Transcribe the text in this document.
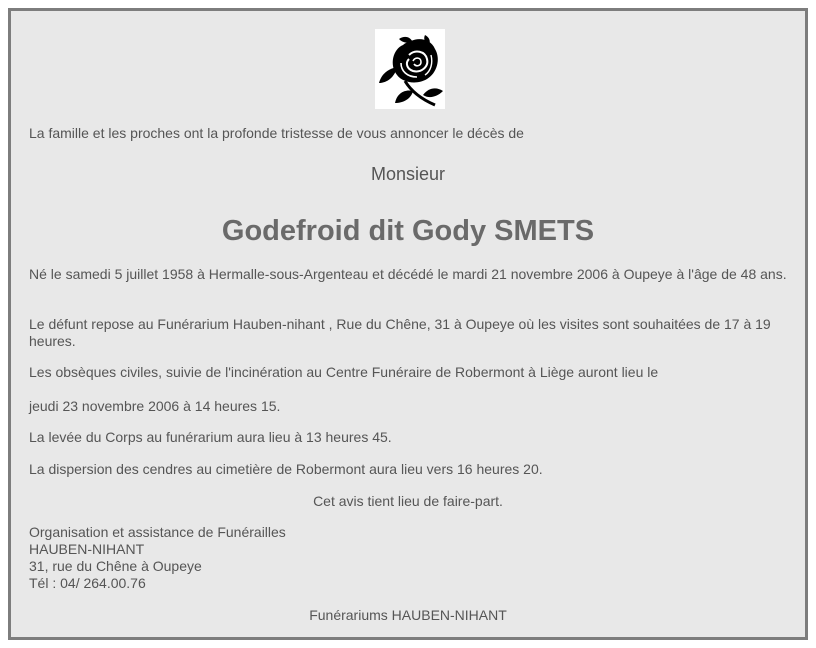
La famille et les proches ont la profonde tristesse de vous annoncer le décès de

Monsieur

Godefroid dit Gody SMETS

Né le samedi 5 juillet 1958 à Hermalle-sous-Argenteau et décédé le mardi 21 novembre 2006 à Oupeye à l'âge de 48 ans.

Le défunt repose au Funérarium Hauben-nihant , Rue du Chêne, 31 à Oupeye où les visites sont souhaitées de 17 à 19 heures.

Les obsèques civiles, suivie de l'incinération au Centre Funéraire de Robermont à Liège auront lieu le

jeudi 23 novembre 2006 à 14 heures 15.

La levée du Corps au funérarium aura lieu à 13 heures 45.

La dispersion des cendres au cimetière de Robermont aura lieu vers 16 heures 20.

Cet avis tient lieu de faire-part.

Organisation et assistance de Funérailles

HAUBEN-NIHANT

31, rue du Chêne à Oupeye

Tél : 04/ 264.00.76

Funérariums HAUBEN-NIHANT
